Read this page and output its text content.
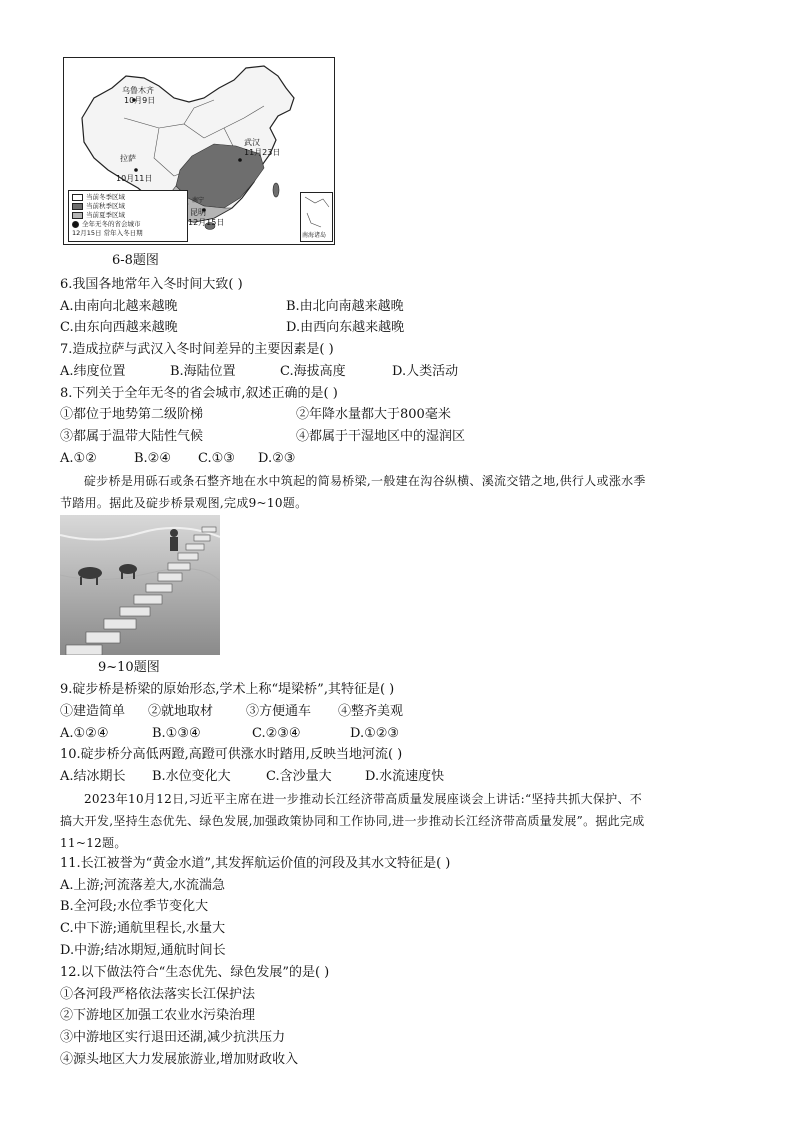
乌鲁木齐
10月9日
拉萨
10月11日
武汉
11月23日
昆明
12月15日
南宁
当前冬季区域
当前秋季区域
当前夏季区域
全年无冬的省会城市
12月15日 常年入冬日期	南海诸岛
6-8题图
6.我国各地常年入冬时间大致( )
A.由南向北越来越晚	B.由北向南越来越晚
C.由东向西越来越晚	D.由西向东越来越晚
7.造成拉萨与武汉入冬时间差异的主要因素是( )
A.纬度位置	B.海陆位置	C.海拔高度	D.人类活动
8.下列关于全年无冬的省会城市,叙述正确的是( )
①都位于地势第二级阶梯	②年降水量都大于800毫米
③都属于温带大陆性气候	④都属于干湿地区中的湿润区
A.①②	B.②④ C.①③ D.②③
碇步桥是用砾石或条石整齐地在水中筑起的简易桥梁,一般建在沟谷纵横、溪流交错之地,供行人或涨水季
节踏用。据此及碇步桥景观图,完成9~10题。
9~10题图
9.碇步桥是桥梁的原始形态,学术上称“堤梁桥”,其特征是( )
①建造简单 ②就地取材	③方便通车 ④整齐美观
A.①②④	B.①③④	C.②③④	D.①②③
10.碇步桥分高低两蹬,高蹬可供涨水时踏用,反映当地河流( )
A.结冰期长 B.水位变化大	C.含沙量大	D.水流速度快
2023年10月12日,习近平主席在进一步推动长江经济带高质量发展座谈会上讲话:“坚持共抓大保护、不
搞大开发,坚持生态优先、绿色发展,加强政策协同和工作协同,进一步推动长江经济带高质量发展”。据此完成
11~12题。
11.长江被誉为“黄金水道”,其发挥航运价值的河段及其水文特征是( )
A.上游;河流落差大,水流湍急
B.全河段;水位季节变化大
C.中下游;通航里程长,水量大
D.中游;结冰期短,通航时间长
12.以下做法符合“生态优先、绿色发展”的是( )
①各河段严格依法落实长江保护法
②下游地区加强工农业水污染治理
③中游地区实行退田还湖,减少抗洪压力
④源头地区大力发展旅游业,增加财政收入
